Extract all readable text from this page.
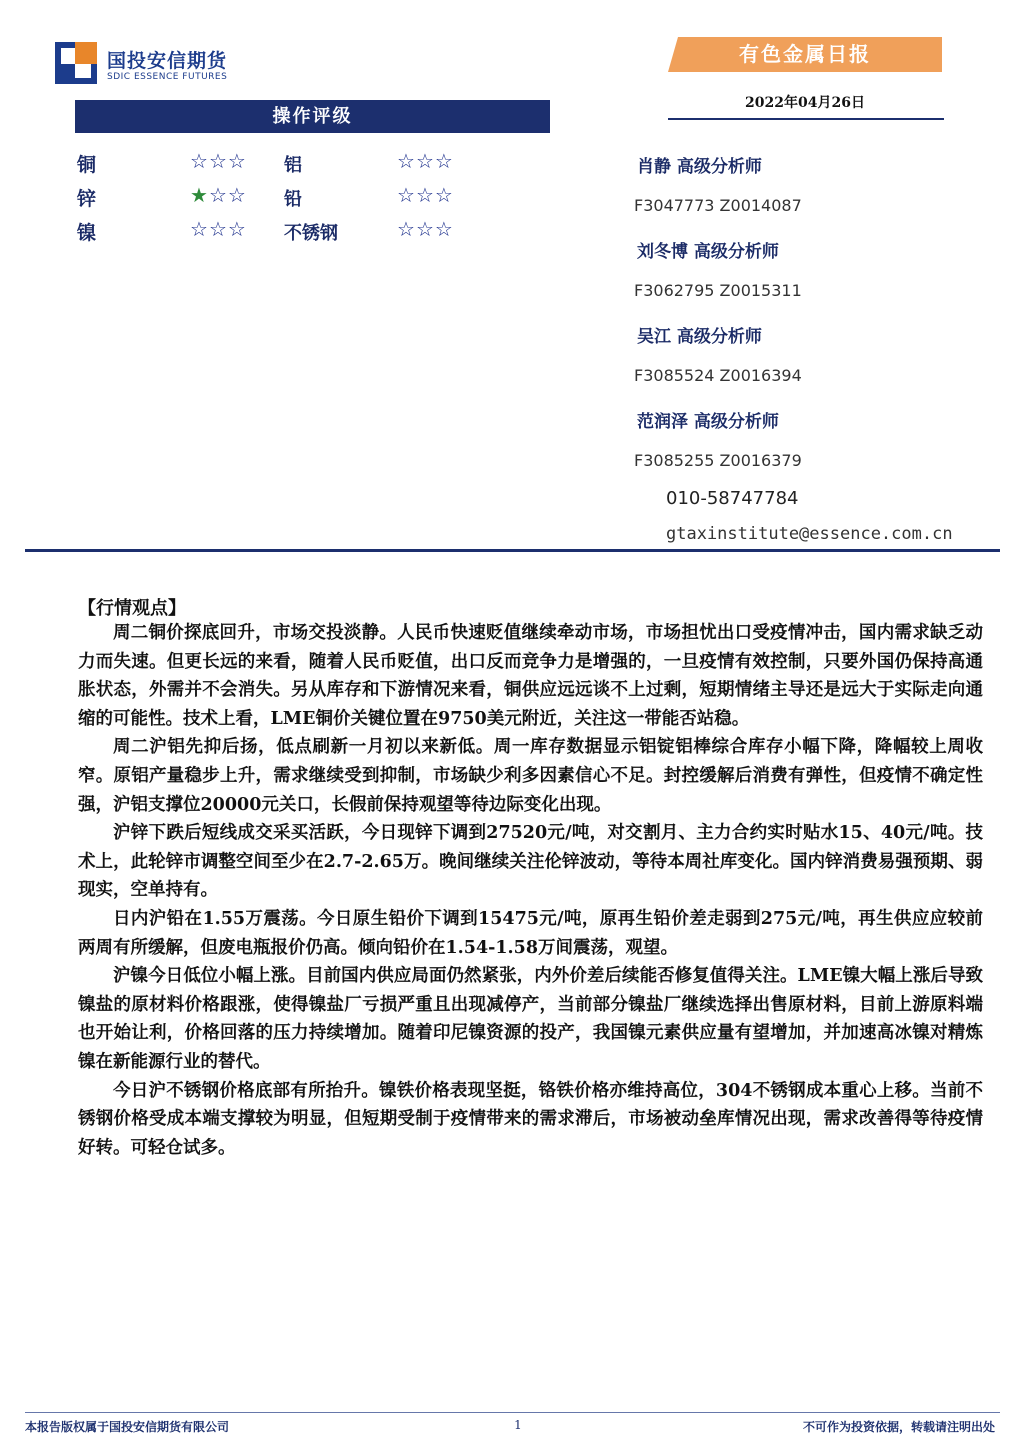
国投安信期货
SDIC ESSENCE FUTURES
有色金属日报
2022年04月26日
操作评级
铜	☆☆☆ 铝	☆☆☆
锌	★☆☆ 铅	☆☆☆
镍	☆☆☆ 不锈钢	☆☆☆
肖静 高级分析师
F3047773 Z0014087
刘冬博 高级分析师
F3062795 Z0015311
吴江 高级分析师
F3085524 Z0016394
范润泽 高级分析师
F3085255 Z0016379
010-58747784
gtaxinstitute@essence.com.cn
【行情观点】

周二铜价探底回升，市场交投淡静。人民币快速贬值继续牵动市场，市场担忧出口受疫情冲击，国内需求缺乏动力而失速。但更长远的来看，随着人民币贬值，出口反而竞争力是增强的，一旦疫情有效控制，只要外国仍保持高通胀状态，外需并不会消失。另从库存和下游情况来看，铜供应远远谈不上过剩，短期情绪主导还是远大于实际走向通缩的可能性。技术上看，LME铜价关键位置在9750美元附近，关注这一带能否站稳。

周二沪铝先抑后扬，低点刷新一月初以来新低。周一库存数据显示铝锭铝棒综合库存小幅下降，降幅较上周收窄。原铝产量稳步上升，需求继续受到抑制，市场缺少利多因素信心不足。封控缓解后消费有弹性，但疫情不确定性强，沪铝支撑位20000元关口，长假前保持观望等待边际变化出现。

沪锌下跌后短线成交采买活跃，今日现锌下调到27520元/吨，对交割月、主力合约实时贴水15、40元/吨。技术上，此轮锌市调整空间至少在2.7-2.65万。晚间继续关注伦锌波动，等待本周社库变化。国内锌消费易强预期、弱现实，空单持有。

日内沪铅在1.55万震荡。今日原生铅价下调到15475元/吨，原再生铅价差走弱到275元/吨，再生供应应较前两周有所缓解，但废电瓶报价仍高。倾向铅价在1.54-1.58万间震荡，观望。

沪镍今日低位小幅上涨。目前国内供应局面仍然紧张，内外价差后续能否修复值得关注。LME镍大幅上涨后导致镍盐的原材料价格跟涨，使得镍盐厂亏损严重且出现减停产，当前部分镍盐厂继续选择出售原材料，目前上游原料端也开始让利，价格回落的压力持续增加。随着印尼镍资源的投产，我国镍元素供应量有望增加，并加速高冰镍对精炼镍在新能源行业的替代。

今日沪不锈钢价格底部有所抬升。镍铁价格表现坚挺，铬铁价格亦维持高位，304不锈钢成本重心上移。当前不锈钢价格受成本端支撑较为明显，但短期受制于疫情带来的需求滞后，市场被动垒库情况出现，需求改善得等待疫情好转。可轻仓试多。

本报告版权属于国投安信期货有限公司	1	不可作为投资依据，转载请注明出处
